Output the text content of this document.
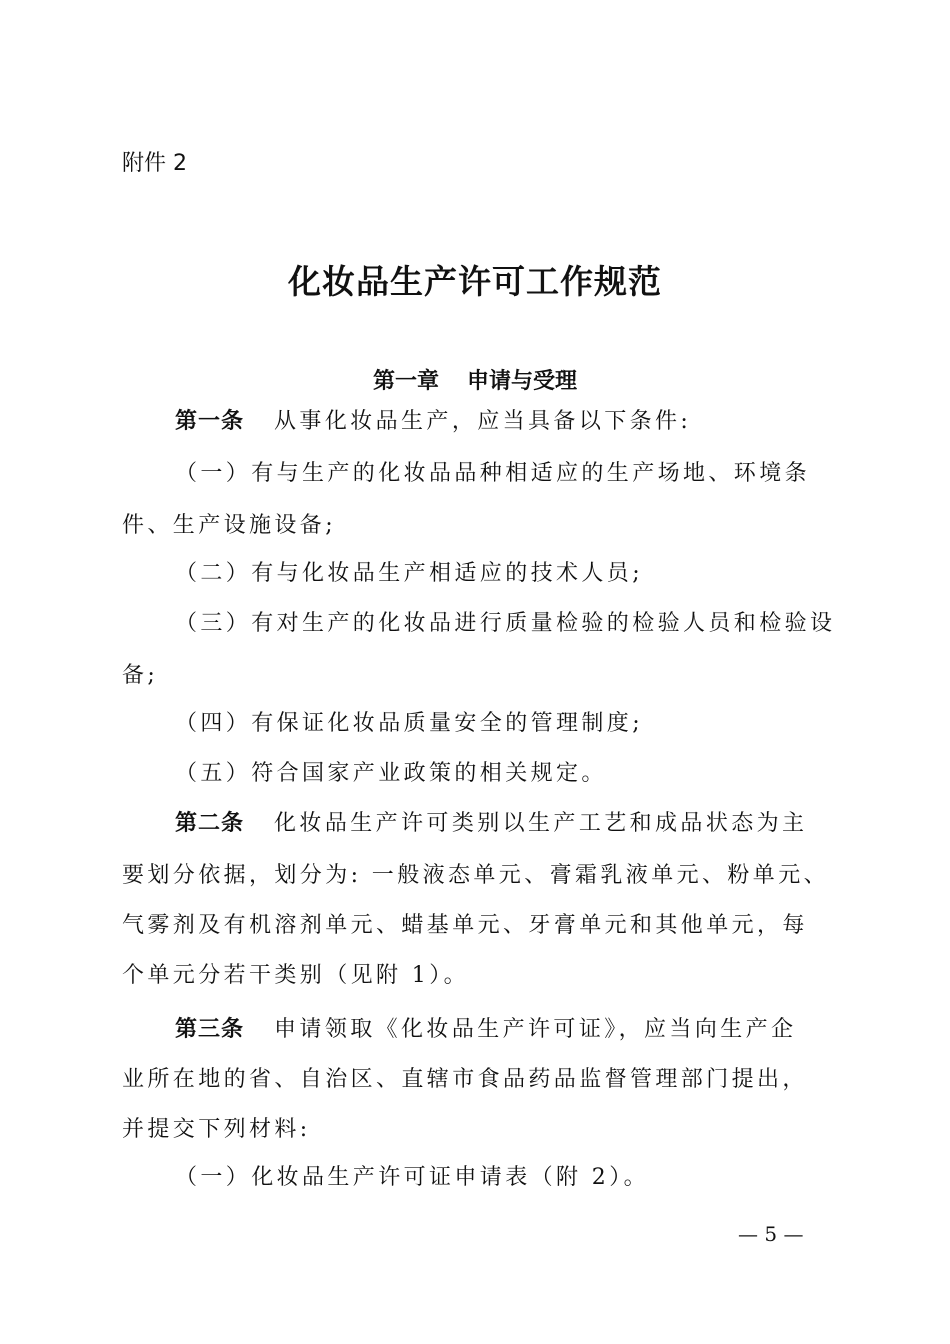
附件 2
化妆品生产许可工作规范
第一章 申请与受理
第一条 从事化妆品生产，应当具备以下条件:
（一）有与生产的化妆品品种相适应的生产场地、环境条
件、生产设施设备;
（二）有与化妆品生产相适应的技术人员;
（三）有对生产的化妆品进行质量检验的检验人员和检验设
备;
（四）有保证化妆品质量安全的管理制度;
（五）符合国家产业政策的相关规定。
第二条 化妆品生产许可类别以生产工艺和成品状态为主
要划分依据，划分为: 一般液态单元、膏霜乳液单元、粉单元、
气雾剂及有机溶剂单元、蜡基单元、牙膏单元和其他单元，每
个单元分若干类别（见附 1）。
第三条 申请领取《化妆品生产许可证》，应当向生产企
业所在地的省、自治区、直辖市食品药品监督管理部门提出，
并提交下列材料:
（一）化妆品生产许可证申请表（附 2）。
— 5 —
